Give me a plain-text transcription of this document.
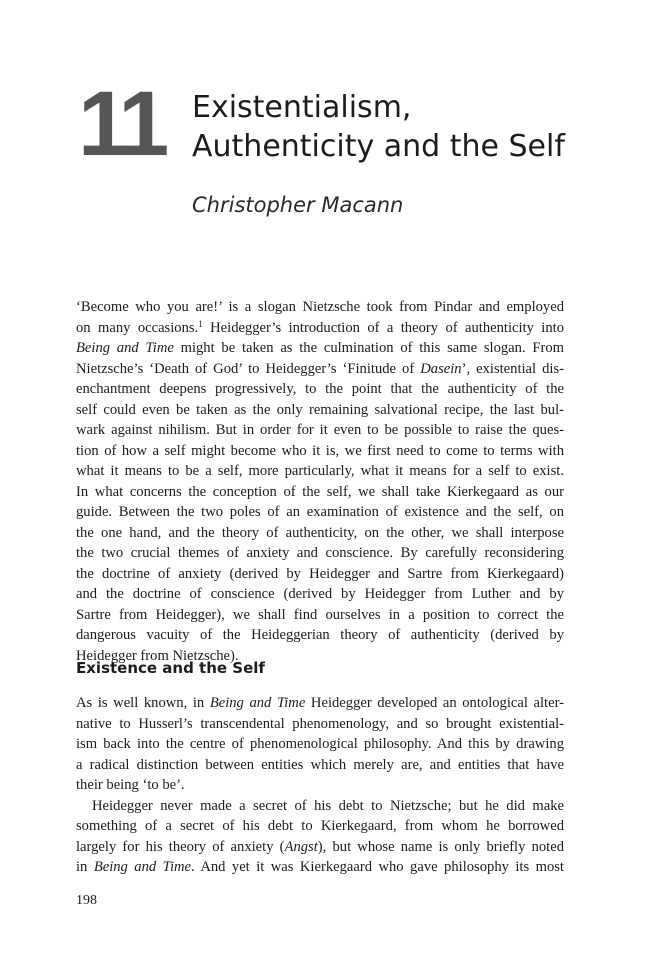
11 Existentialism,
Authenticity and the Self
Christopher Macann
‘Become who you are!’ is a slogan Nietzsche took from Pindar and employed
on many occasions.$^1$ Heidegger’s introduction of a theory of authenticity into
Being and Time might be taken as the culmination of this same slogan. From
Nietzsche’s ‘Death of God’ to Heidegger’s ‘Finitude of Dasein’, existential dis-
enchantment deepens progressively, to the point that the authenticity of the
self could even be taken as the only remaining salvational recipe, the last bul-
wark against nihilism. But in order for it even to be possible to raise the ques-
tion of how a self might become who it is, we first need to come to terms with
what it means to be a self, more particularly, what it means for a self to exist.
In what concerns the conception of the self, we shall take Kierkegaard as our
guide. Between the two poles of an examination of existence and the self, on
the one hand, and the theory of authenticity, on the other, we shall interpose
the two crucial themes of anxiety and conscience. By carefully reconsidering
the doctrine of anxiety (derived by Heidegger and Sartre from Kierkegaard)
and the doctrine of conscience (derived by Heidegger from Luther and by
Sartre from Heidegger), we shall find ourselves in a position to correct the
dangerous vacuity of the Heideggerian theory of authenticity (derived by
Heidegger from Nietzsche).
Existence and the Self
As is well known, in Being and Time Heidegger developed an ontological alter-
native to Husserl’s transcendental phenomenology, and so brought existential-
ism back into the centre of phenomenological philosophy. And this by drawing
a radical distinction between entities which merely are, and entities that have
their being ‘to be’.
Heidegger never made a secret of his debt to Nietzsche; but he did make
something of a secret of his debt to Kierkegaard, from whom he borrowed
largely for his theory of anxiety (Angst), but whose name is only briefly noted
in Being and Time. And yet it was Kierkegaard who gave philosophy its most
198
